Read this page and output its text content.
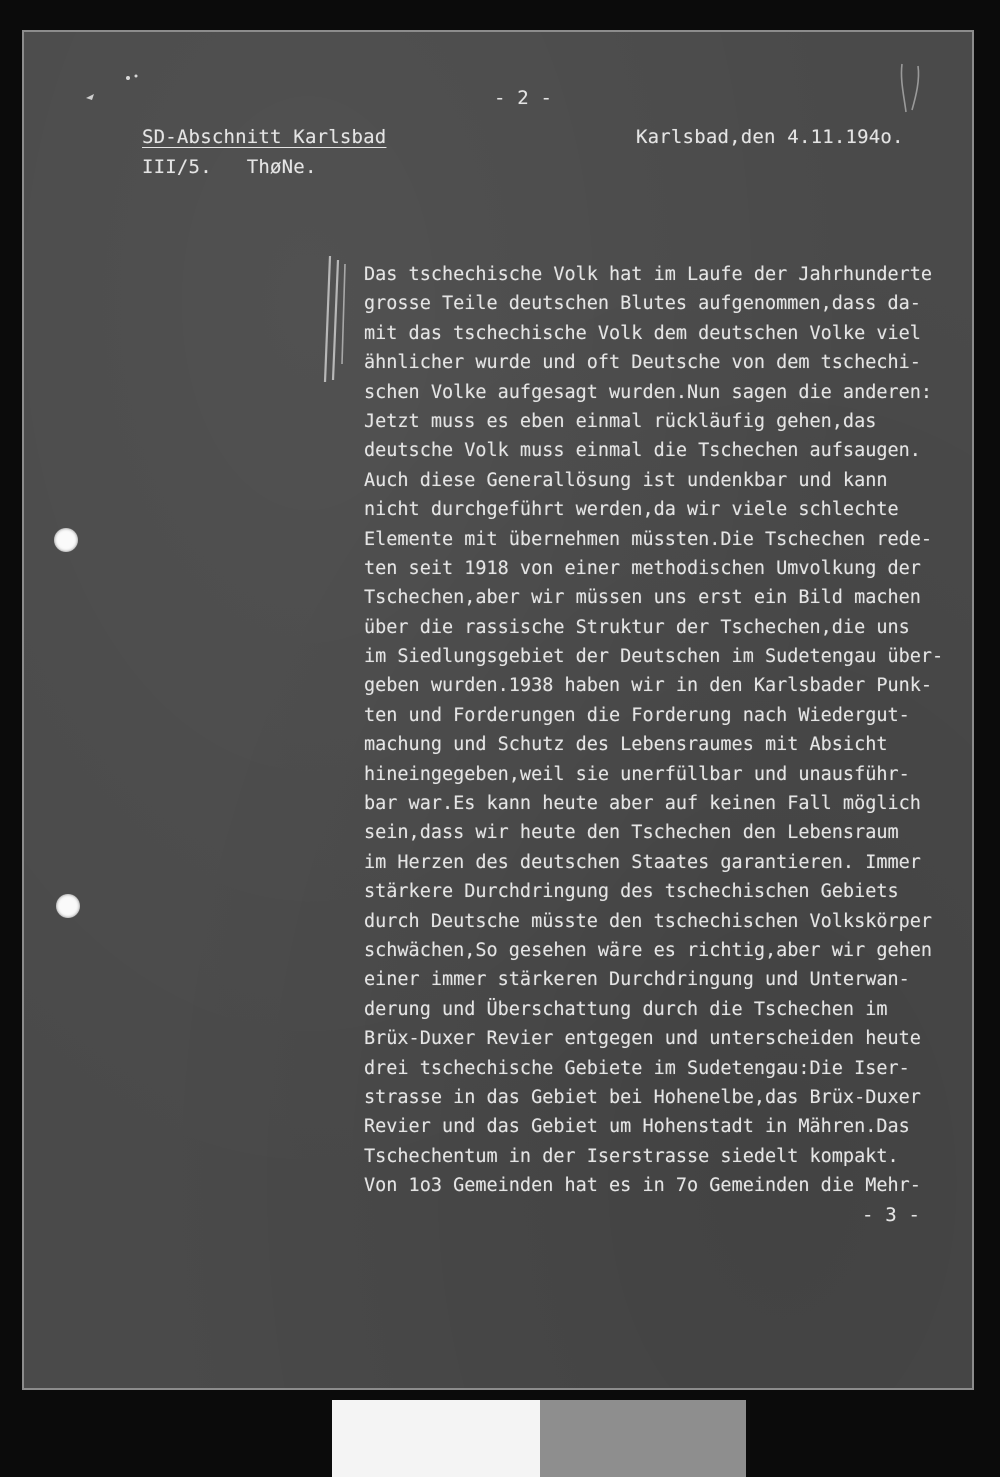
- 2 -
SD-Abschnitt Karlsbad
III/5.   ThøNe.
Karlsbad,den 4.11.194o.
Das tschechische Volk hat im Laufe der Jahrhunderte
grosse Teile deutschen Blutes aufgenommen,dass da-
mit das tschechische Volk dem deutschen Volke viel
ähnlicher wurde und oft Deutsche von dem tschechi-
schen Volke aufgesagt wurden.Nun sagen die anderen:
Jetzt muss es eben einmal rückläufig gehen,das
deutsche Volk muss einmal die Tschechen aufsaugen.
Auch diese Generallösung ist undenkbar und kann
nicht durchgeführt werden,da wir viele schlechte
Elemente mit übernehmen müssten.Die Tschechen rede-
ten seit 1918 von einer methodischen Umvolkung der
Tschechen,aber wir müssen uns erst ein Bild machen
über die rassische Struktur der Tschechen,die uns
im Siedlungsgebiet der Deutschen im Sudetengau über-
geben wurden.1938 haben wir in den Karlsbader Punk-
ten und Forderungen die Forderung nach Wiedergut-
machung und Schutz des Lebensraumes mit Absicht
hineingegeben,weil sie unerfüllbar und unausführ-
bar war.Es kann heute aber auf keinen Fall möglich
sein,dass wir heute den Tschechen den Lebensraum
im Herzen des deutschen Staates garantieren. Immer
stärkere Durchdringung des tschechischen Gebiets
durch Deutsche müsste den tschechischen Volkskörper
schwächen,So gesehen wäre es richtig,aber wir gehen
einer immer stärkeren Durchdringung und Unterwan-
derung und Überschattung durch die Tschechen im
Brüx-Duxer Revier entgegen und unterscheiden heute
drei tschechische Gebiete im Sudetengau:Die Iser-
strasse in das Gebiet bei Hohenelbe,das Brüx-Duxer
Revier und das Gebiet um Hohenstadt in Mähren.Das
Tschechentum in der Iserstrasse siedelt kompakt.
Von 1o3 Gemeinden hat es in 7o Gemeinden die Mehr-
- 3 -
